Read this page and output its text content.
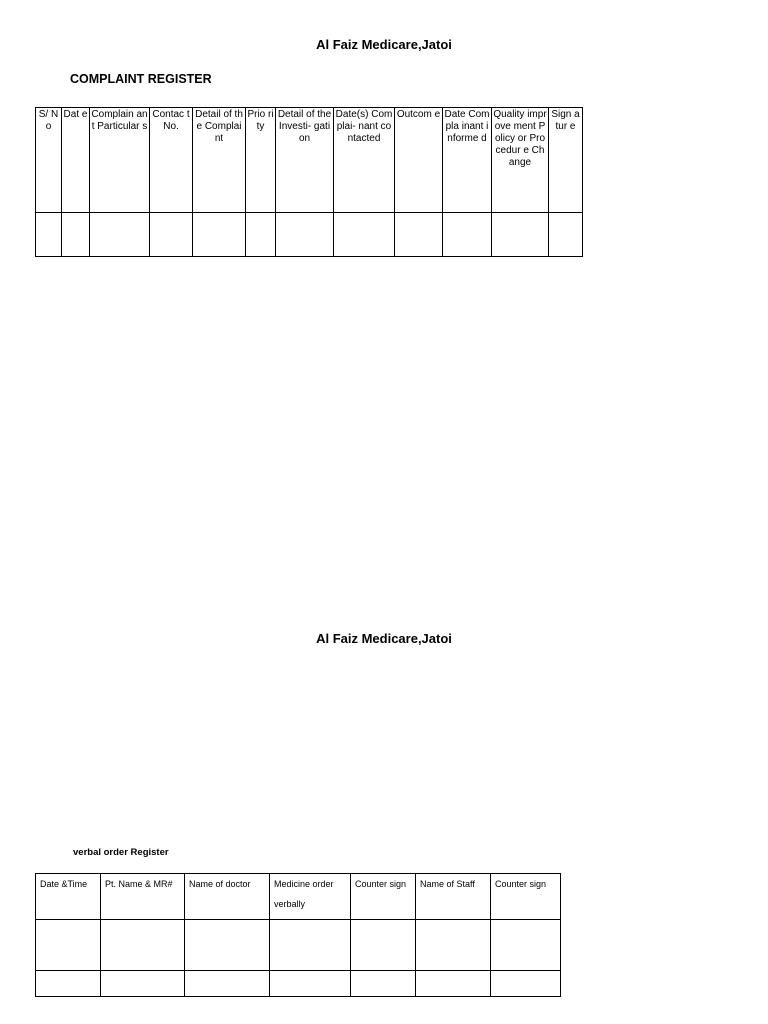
Al Faiz Medicare,Jatoi
COMPLAINT REGISTER
S/ No	Dat e	Complain ant Particular s	Contac t No.	Detail of the Complai nt	Prio rity	Detail of the Investi- gation	Date(s) Complai- nant contacted	Outcom e	Date Compla inant informe d	Quality improve ment Policy or Procedur e Change	Sign atur e

Al Faiz Medicare,Jatoi
verbal order Register
Date &Time	Pt. Name & MR#	Name of doctor	Medicine order verbally	Counter sign	Name of Staff	Counter sign
